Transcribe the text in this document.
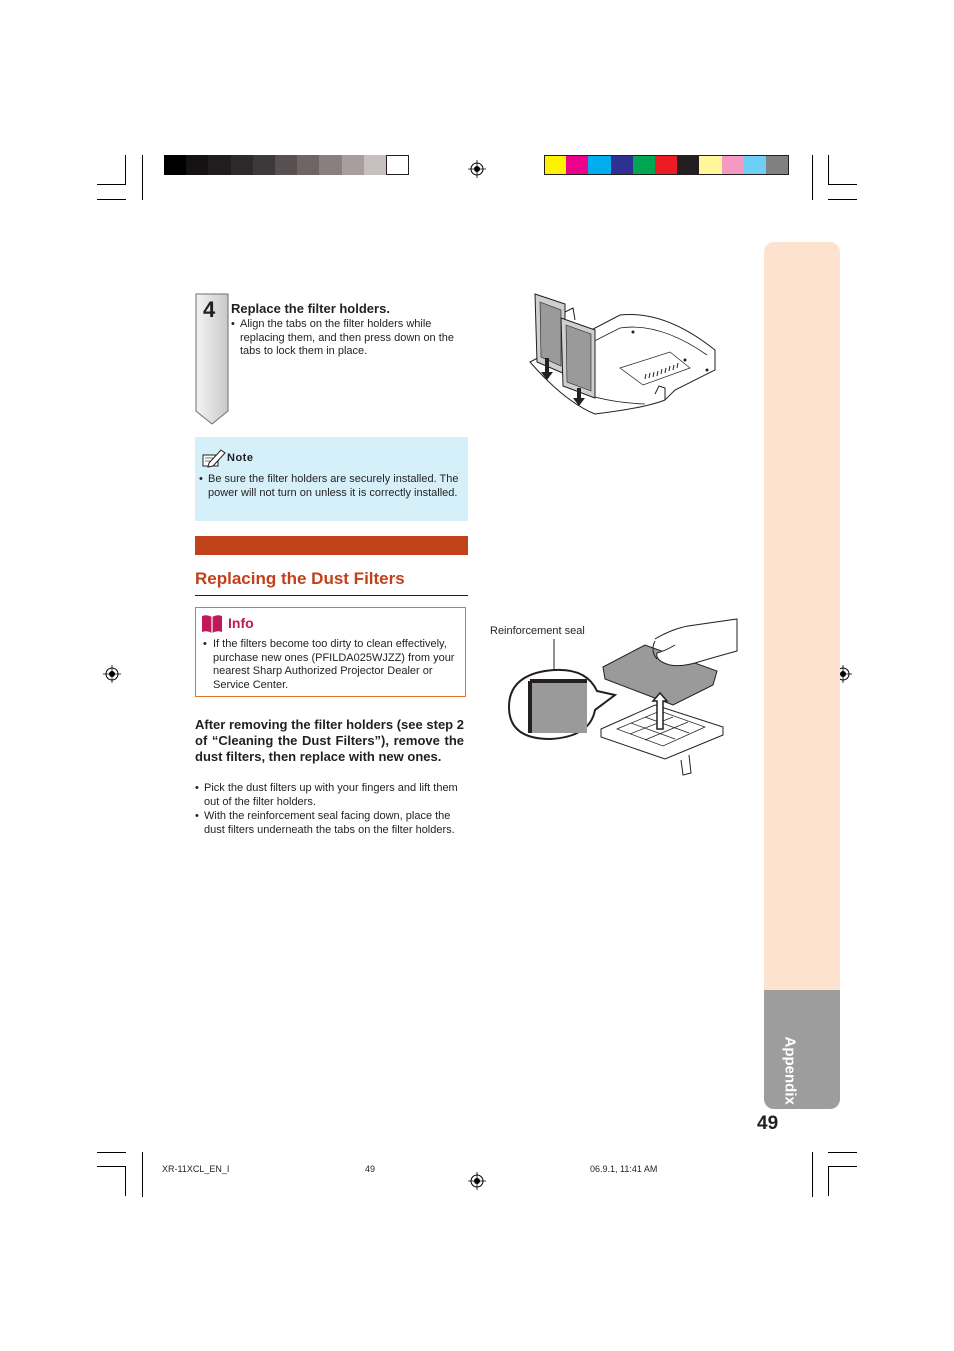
Appendix
49
4 Replace the filter holders.
• Align the tabs on the filter holders while replacing them, and then press down on the tabs to lock them in place.
Note
• Be sure the filter holders are securely installed. The power will not turn on unless it is correctly installed.
Replacing the Dust Filters
Info
• If the filters become too dirty to clean effectively, purchase new ones (PFILDA025WJZZ) from your nearest Sharp Authorized Projector Dealer or Service Center.
After removing the filter holders (see step 2 of “Cleaning the Dust Filters”), remove the dust filters, then replace with new ones.
• Pick the dust filters up with your fingers and lift them out of the filter holders.
• With the reinforcement seal facing down, place the dust filters underneath the tabs on the filter holders.
Reinforcement seal
XR-11XCL_EN_I	49	06.9.1, 11:41 AM
